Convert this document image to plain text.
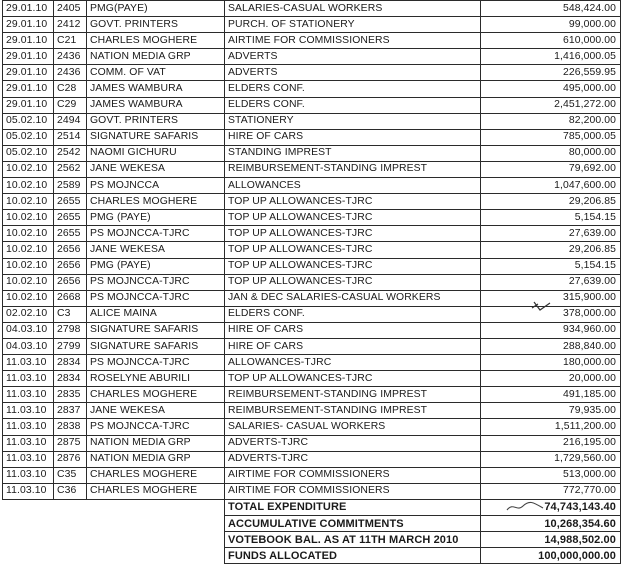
29.01.10	2405	PMG(PAYE)	SALARIES-CASUAL WORKERS	548,424.00
29.01.10	2412	GOVT. PRINTERS	PURCH. OF STATIONERY	99,000.00
29.01.10	C21	CHARLES MOGHERE	AIRTIME FOR COMMISSIONERS	610,000.00
29.01.10	2436	NATION MEDIA GRP	ADVERTS	1,416,000.05
29.01.10	2436	COMM. OF VAT	ADVERTS	226,559.95
29.01.10	C28	JAMES WAMBURA	ELDERS CONF.	495,000.00
29.01.10	C29	JAMES WAMBURA	ELDERS CONF.	2,451,272.00
05.02.10	2494	GOVT. PRINTERS	STATIONERY	82,200.00
05.02.10	2514	SIGNATURE SAFARIS	HIRE OF CARS	785,000.05
05.02.10	2542	NAOMI GICHURU	STANDING IMPREST	80,000.00
10.02.10	2562	JANE WEKESA	REIMBURSEMENT-STANDING IMPREST	79,692.00
10.02.10	2589	PS MOJNCCA	ALLOWANCES	1,047,600.00
10.02.10	2655	CHARLES MOGHERE	TOP UP ALLOWANCES-TJRC	29,206.85
10.02.10	2655	PMG (PAYE)	TOP UP ALLOWANCES-TJRC	5,154.15
10.02.10	2655	PS MOJNCCA-TJRC	TOP UP ALLOWANCES-TJRC	27,639.00
10.02.10	2656	JANE WEKESA	TOP UP ALLOWANCES-TJRC	29,206.85
10.02.10	2656	PMG (PAYE)	TOP UP ALLOWANCES-TJRC	5,154.15
10.02.10	2656	PS MOJNCCA-TJRC	TOP UP ALLOWANCES-TJRC	27,639.00
10.02.10	2668	PS MOJNCCA-TJRC	JAN & DEC SALARIES-CASUAL WORKERS	315,900.00
02.02.10	C3	ALICE MAINA	ELDERS CONF.	378,000.00
04.03.10	2798	SIGNATURE SAFARIS	HIRE OF CARS	934,960.00
04.03.10	2799	SIGNATURE SAFARIS	HIRE OF CARS	288,840.00
11.03.10	2834	PS MOJNCCA-TJRC	ALLOWANCES-TJRC	180,000.00
11.03.10	2834	ROSELYNE ABURILI	TOP UP ALLOWANCES-TJRC	20,000.00
11.03.10	2835	CHARLES MOGHERE	REIMBURSEMENT-STANDING IMPREST	491,185.00
11.03.10	2837	JANE WEKESA	REIMBURSEMENT-STANDING IMPREST	79,935.00
11.03.10	2838	PS MOJNCCA-TJRC	SALARIES- CASUAL WORKERS	1,511,200.00
11.03.10	2875	NATION MEDIA GRP	ADVERTS-TJRC	216,195.00
11.03.10	2876	NATION MEDIA GRP	ADVERTS-TJRC	1,729,560.00
11.03.10	C35	CHARLES MOGHERE	AIRTIME FOR COMMISSIONERS	513,000.00
11.03.10	C36	CHARLES MOGHERE	AIRTIME FOR COMMISSIONERS	772,770.00
			TOTAL EXPENDITURE	74,743,143.40
			ACCUMULATIVE COMMITMENTS	10,268,354.60
			VOTEBOOK BAL. AS AT 11TH MARCH 2010	14,988,502.00
			FUNDS ALLOCATED	100,000,000.00
